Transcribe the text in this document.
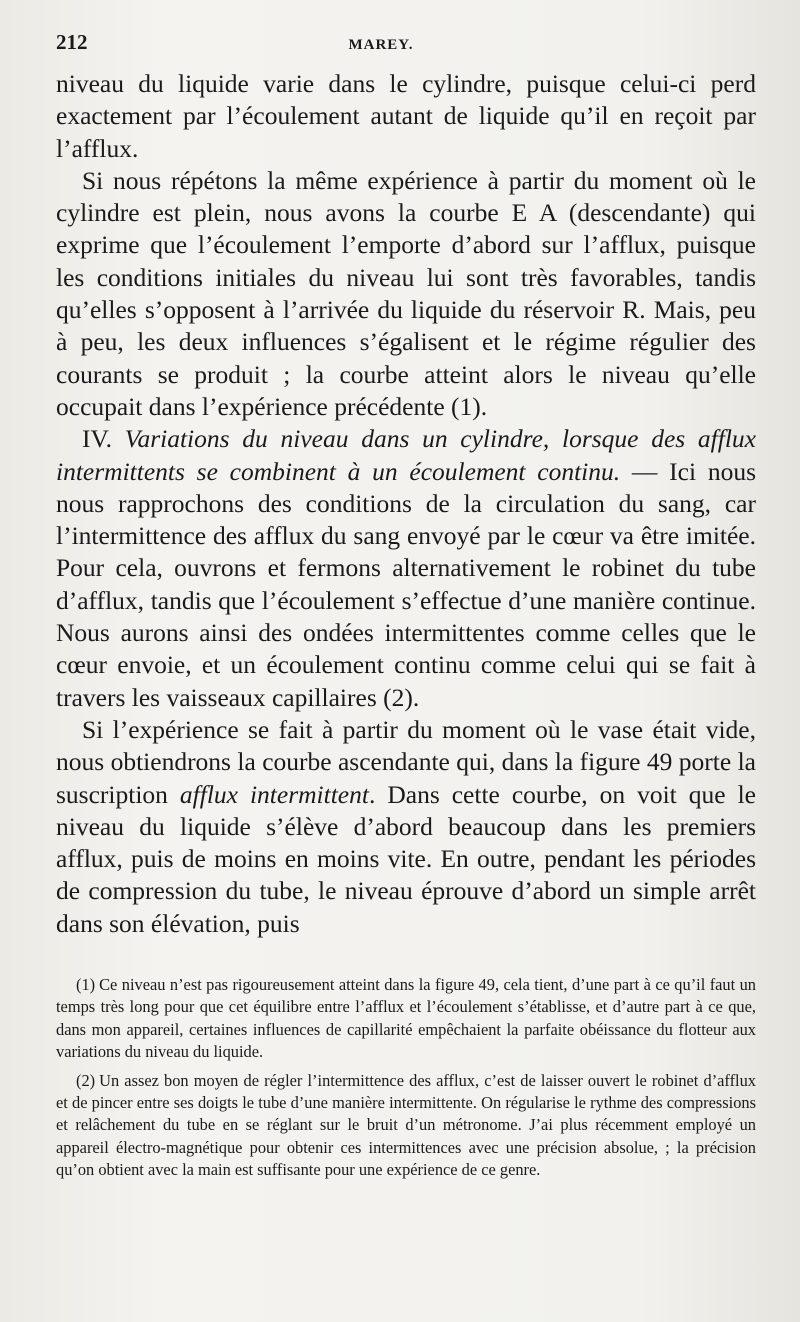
212	MAREY.

niveau du liquide varie dans le cylindre, puisque celui-ci perd exactement par l’écoulement autant de liquide qu’il en reçoit par l’afflux.

Si nous répétons la même expérience à partir du moment où le cylindre est plein, nous avons la courbe E A (descendante) qui exprime que l’écoulement l’emporte d’abord sur l’afflux, puisque les conditions initiales du niveau lui sont très favorables, tandis qu’elles s’opposent à l’arrivée du liquide du réservoir R. Mais, peu à peu, les deux influences s’égalisent et le régime régulier des courants se produit ; la courbe atteint alors le niveau qu’elle occupait dans l’expérience précédente (1).

IV. Variations du niveau dans un cylindre, lorsque des afflux intermittents se combinent à un écoulement continu. — Ici nous nous rapprochons des conditions de la circulation du sang, car l’intermittence des afflux du sang envoyé par le cœur va être imitée. Pour cela, ouvrons et fermons alternativement le robinet du tube d’afflux, tandis que l’écoulement s’effectue d’une manière continue. Nous aurons ainsi des ondées intermittentes comme celles que le cœur envoie, et un écoulement continu comme celui qui se fait à travers les vaisseaux capillaires (2).

Si l’expérience se fait à partir du moment où le vase était vide, nous obtiendrons la courbe ascendante qui, dans la figure 49 porte la suscription afflux intermittent. Dans cette courbe, on voit que le niveau du liquide s’élève d’abord beaucoup dans les premiers afflux, puis de moins en moins vite. En outre, pendant les périodes de compression du tube, le niveau éprouve d’abord un simple arrêt dans son élévation, puis

(1) Ce niveau n’est pas rigoureusement atteint dans la figure 49, cela tient, d’une part à ce qu’il faut un temps très long pour que cet équilibre entre l’afflux et l’écoulement s’établisse, et d’autre part à ce que, dans mon appareil, certaines influences de capillarité empêchaient la parfaite obéissance du flotteur aux variations du niveau du liquide.

(2) Un assez bon moyen de régler l’intermittence des afflux, c’est de laisser ouvert le robinet d’afflux et de pincer entre ses doigts le tube d’une manière intermittente. On régularise le rythme des compressions et relâchement du tube en se réglant sur le bruit d’un métronome. J’ai plus récemment employé un appareil électro-magnétique pour obtenir ces intermittences avec une précision absolue, ; la précision qu’on obtient avec la main est suffisante pour une expérience de ce genre.
